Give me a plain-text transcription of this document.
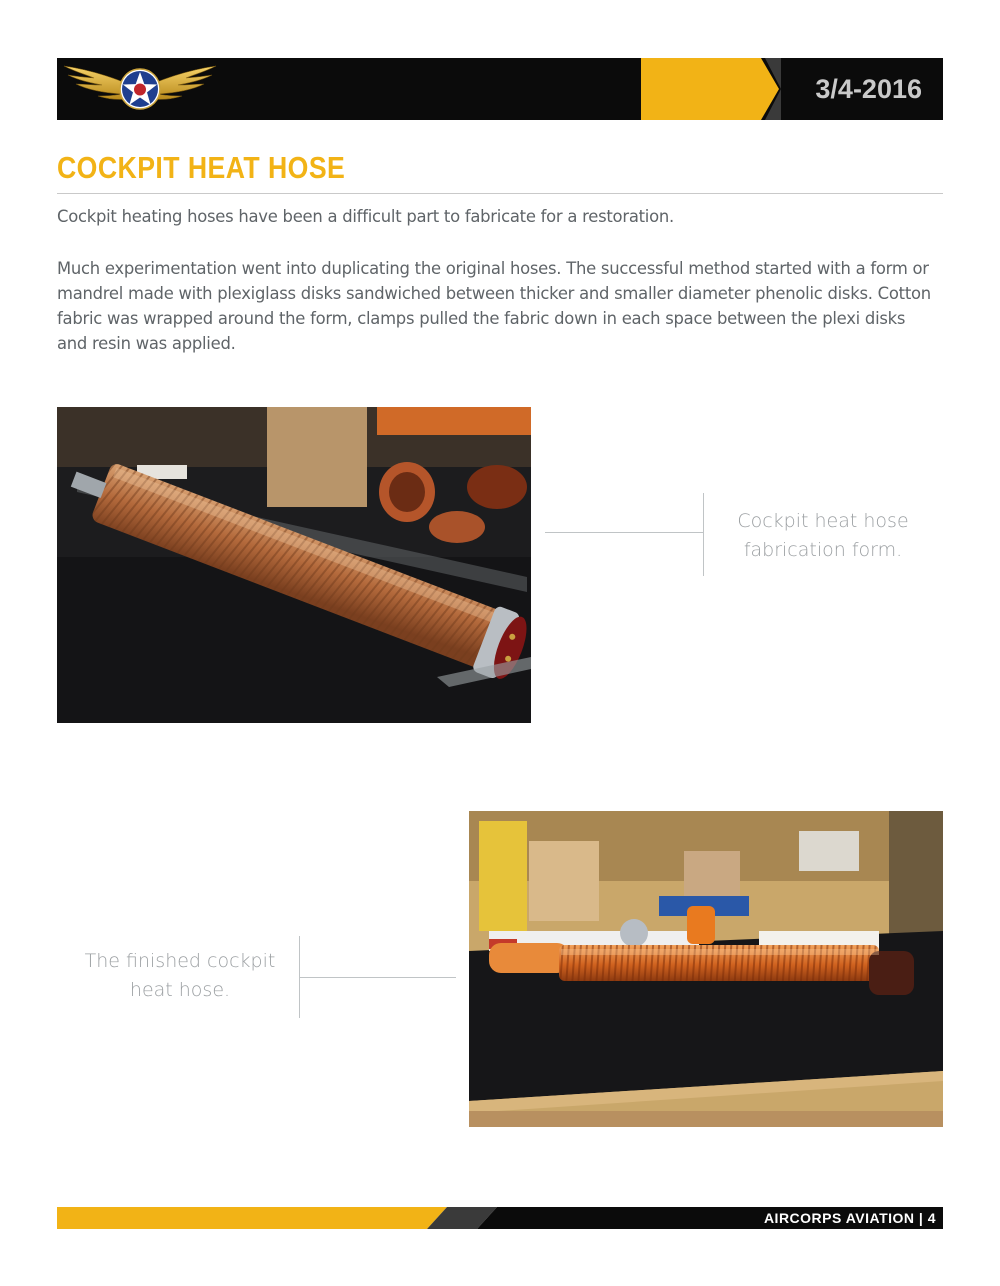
3/4-2016
COCKPIT HEAT HOSE
Cockpit heating hoses have been a difficult part to fabricate for a restoration.
Much experimentation went into duplicating the original hoses. The successful method started with a form or mandrel made with plexiglass disks sandwiched between thicker and smaller diameter phenolic disks. Cotton fabric was wrapped around the form, clamps pulled the fabric down in each space between the plexi disks and resin was applied.
Cockpit heat hose fabrication form.
The finished cockpit heat hose.
AIRCORPS AVIATION | 4
